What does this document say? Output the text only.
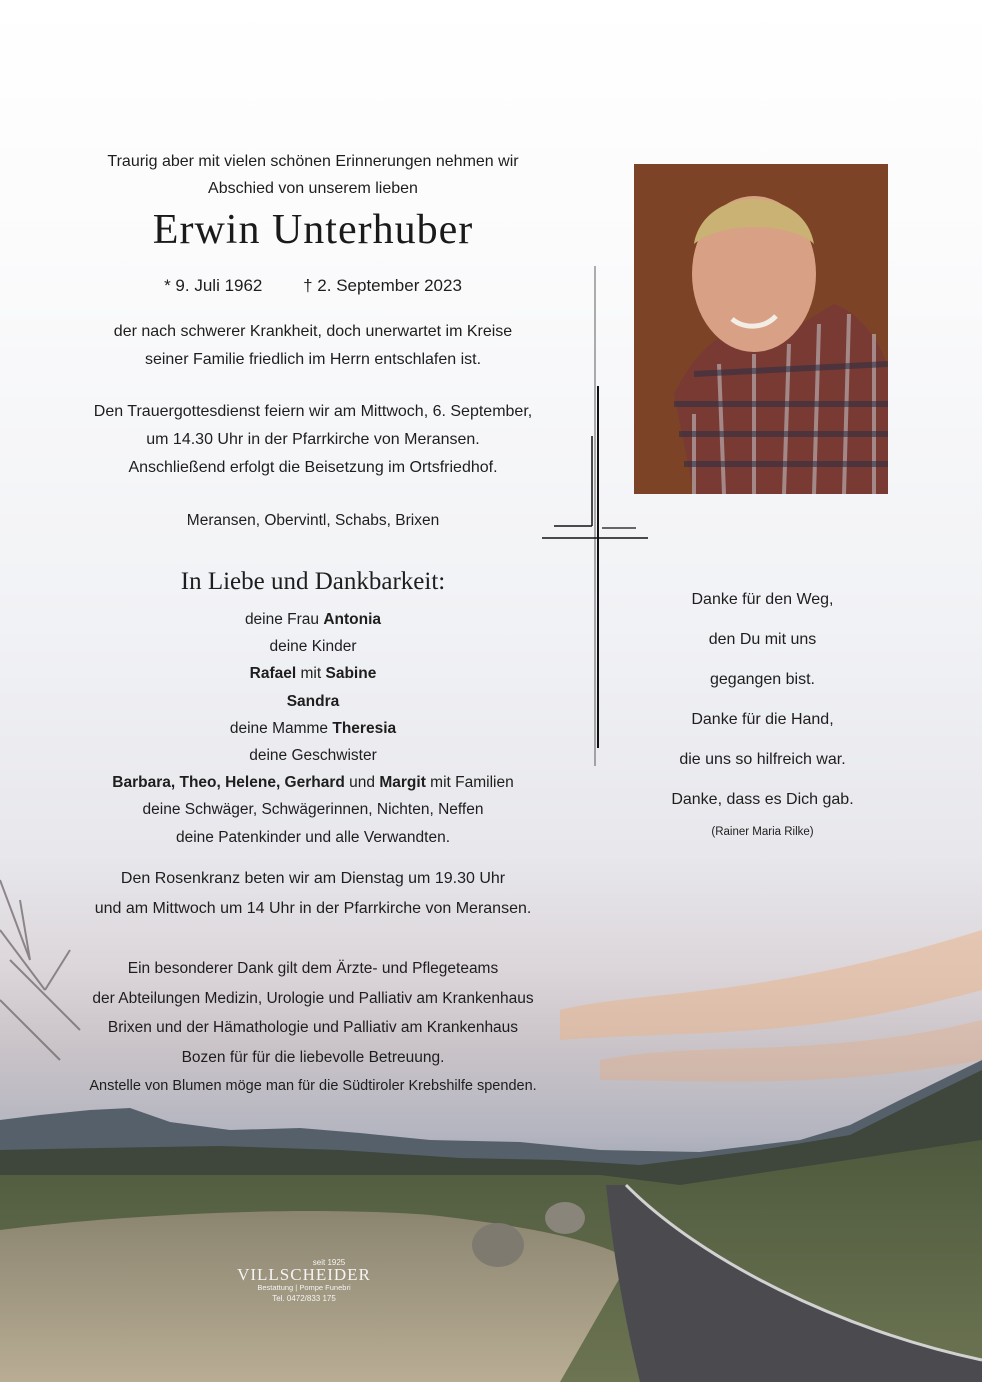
Traurig aber mit vielen schönen Erinnerungen nehmen wir
Abschied von unserem lieben
Erwin Unterhuber
* 9. Juli 1962 † 2. September 2023
der nach schwerer Krankheit, doch unerwartet im Kreise
seiner Familie friedlich im Herrn entschlafen ist.
Den Trauergottesdienst feiern wir am Mittwoch, 6. September,
um 14.30 Uhr in der Pfarrkirche von Meransen.
Anschließend erfolgt die Beisetzung im Ortsfriedhof.
Meransen, Obervintl, Schabs, Brixen
In Liebe und Dankbarkeit:
deine Frau Antonia
deine Kinder
Rafael mit Sabine
Sandra
deine Mamme Theresia
deine Geschwister
Barbara, Theo, Helene, Gerhard und Margit mit Familien
deine Schwäger, Schwägerinnen, Nichten, Neffen
deine Patenkinder und alle Verwandten.
Den Rosenkranz beten wir am Dienstag um 19.30 Uhr
und am Mittwoch um 14 Uhr in der Pfarrkirche von Meransen.
Ein besonderer Dank gilt dem Ärzte- und Pflegeteams
der Abteilungen Medizin, Urologie und Palliativ am Krankenhaus
Brixen und der Hämathologie und Palliativ am Krankenhaus
Bozen für für die liebevolle Betreuung.
Anstelle von Blumen möge man für die Südtiroler Krebshilfe spenden.
Danke für den Weg,
den Du mit uns
gegangen bist.
Danke für die Hand,
die uns so hilfreich war.
Danke, dass es Dich gab.
(Rainer Maria Rilke)
seit 1925
VILLSCHEIDER
Bestattung | Pompe Funebri
Tel. 0472/833 175
